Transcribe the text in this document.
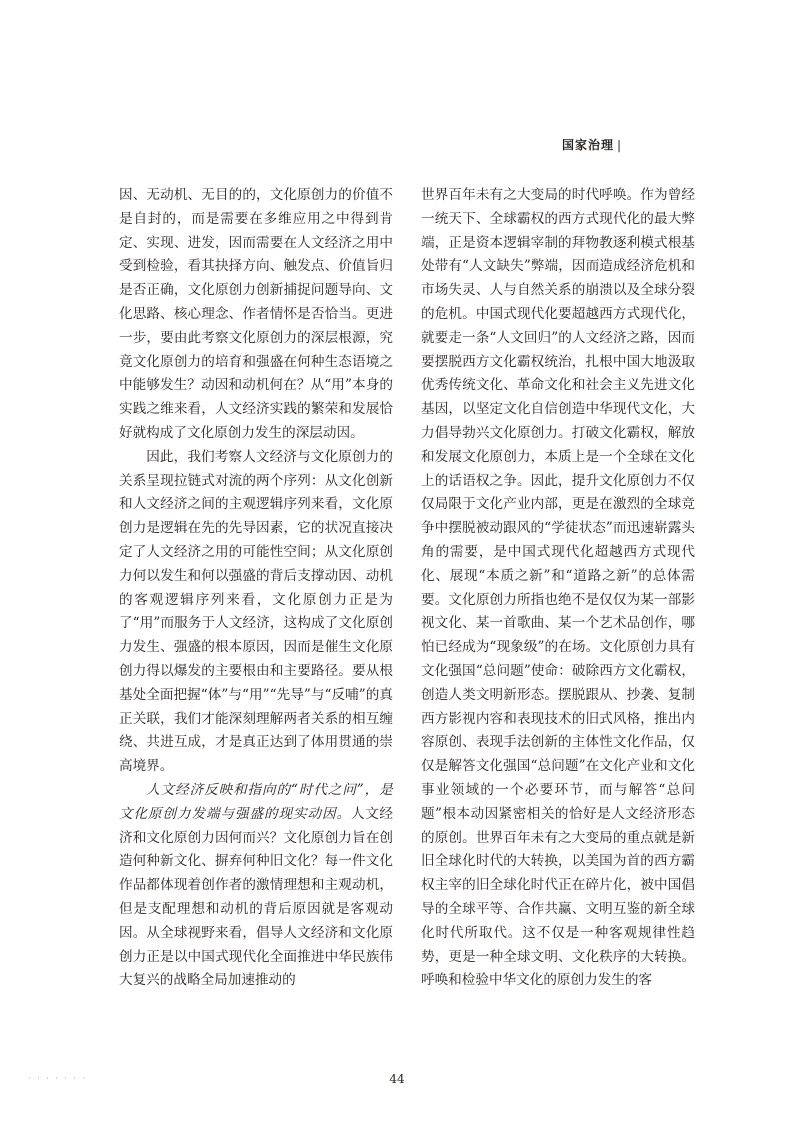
国家治理 |

因、无动机、无目的的，文化原创力的价值不是自封的，而是需要在多维应用之中得到肯定、实现、进发，因而需要在人文经济之用中受到检验，看其抉择方向、触发点、价值旨归是否正确，文化原创力创新捕捉问题导向、文化思路、核心理念、作者情怀是否恰当。更进一步，要由此考察文化原创力的深层根源，究竟文化原创力的培育和强盛在何种生态语境之中能够发生？动因和动机何在？从“用”本身的实践之维来看，人文经济实践的繁荣和发展恰好就构成了文化原创力发生的深层动因。

因此，我们考察人文经济与文化原创力的关系呈现拉链式对流的两个序列：从文化创新和人文经济之间的主观逻辑序列来看，文化原创力是逻辑在先的先导因素，它的状况直接决定了人文经济之用的可能性空间；从文化原创力何以发生和何以强盛的背后支撑动因、动机的客观逻辑序列来看，文化原创力正是为了“用”而服务于人文经济，这构成了文化原创力发生、强盛的根本原因，因而是催生文化原创力得以爆发的主要根由和主要路径。要从根基处全面把握“体”与“用”“先导”与“反哺”的真正关联，我们才能深刻理解两者关系的相互缠绕、共进互成，才是真正达到了体用贯通的崇高境界。

人文经济反映和指向的“时代之问”，是文化原创力发端与强盛的现实动因。人文经济和文化原创力因何而兴？文化原创力旨在创造何种新文化、摒弃何种旧文化？每一件文化作品都体现着创作者的激情理想和主观动机，但是支配理想和动机的背后原因就是客观动因。从全球视野来看，倡导人文经济和文化原创力正是以中国式现代化全面推进中华民族伟大复兴的战略全局加速推动的

世界百年未有之大变局的时代呼唤。作为曾经一统天下、全球霸权的西方式现代化的最大弊端，正是资本逻辑宰制的拜物教逐利模式根基处带有“人文缺失”弊端，因而造成经济危机和市场失灵、人与自然关系的崩溃以及全球分裂的危机。中国式现代化要超越西方式现代化，就要走一条“人文回归”的人文经济之路，因而要摆脱西方文化霸权统治，扎根中国大地汲取优秀传统文化、革命文化和社会主义先进文化基因，以坚定文化自信创造中华现代文化，大力倡导勃兴文化原创力。打破文化霸权，解放和发展文化原创力，本质上是一个全球在文化上的话语权之争。因此，提升文化原创力不仅仅局限于文化产业内部，更是在激烈的全球竞争中摆脱被动跟风的“学徒状态”而迅速崭露头角的需要，是中国式现代化超越西方式现代化、展现“本质之新”和“道路之新”的总体需要。文化原创力所指也绝不是仅仅为某一部影视文化、某一首歌曲、某一个艺术品创作，哪怕已经成为“现象级”的在场。文化原创力具有文化强国“总问题”使命：破除西方文化霸权，创造人类文明新形态。摆脱跟从、抄袭、复制西方影视内容和表现技术的旧式风格，推出内容原创、表现手法创新的主体性文化作品，仅仅是解答文化强国“总问题”在文化产业和文化事业领域的一个必要环节，而与解答“总问题”根本动因紧密相关的恰好是人文经济形态的原创。世界百年未有之大变局的重点就是新旧全球化时代的大转换，以美国为首的西方霸权主宰的旧全球化时代正在碎片化，被中国倡导的全球平等、合作共赢、文明互鉴的新全球化时代所取代。这不仅是一种客观规律性趋势，更是一种全球文明、文化秩序的大转换。呼唤和检验中华文化的原创力发生的客

· · · · · · ·	44
